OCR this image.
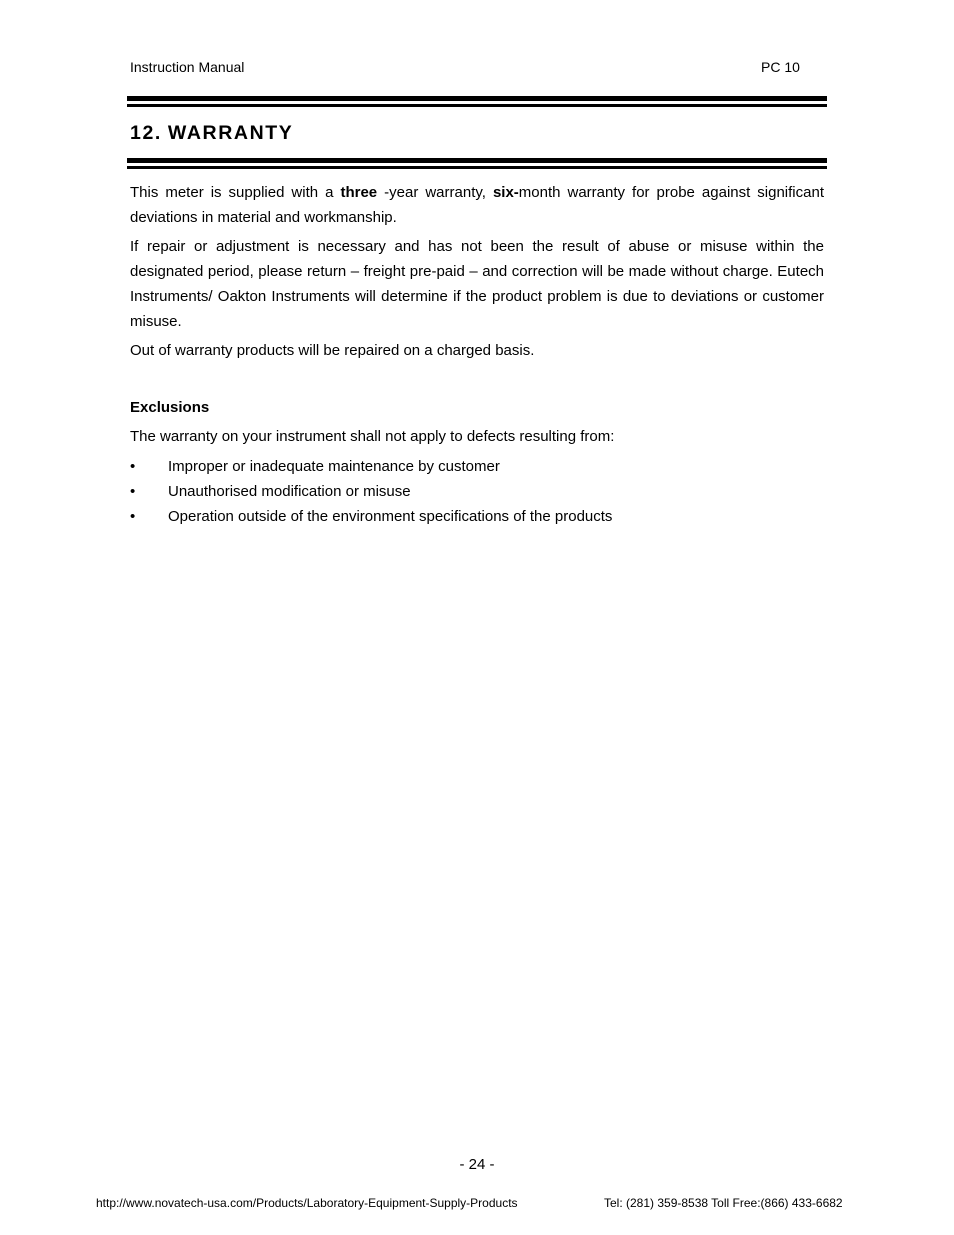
Instruction Manual	PC 10
12. WARRANTY

This meter is supplied with a three -year warranty, six-month warranty for probe against significant deviations in material and workmanship.

If repair or adjustment is necessary and has not been the result of abuse or misuse within the designated period, please return – freight pre-paid – and correction will be made without charge. Eutech Instruments/ Oakton Instruments will determine if the product problem is due to deviations or customer misuse.

Out of warranty products will be repaired on a charged basis.

Exclusions
The warranty on your instrument shall not apply to defects resulting from:
• Improper or inadequate maintenance by customer
• Unauthorised modification or misuse
• Operation outside of the environment specifications of the products
- 24 -
http://www.novatech-usa.com/Products/Laboratory-Equipment-Supply-Products	Tel: (281) 359-8538 Toll Free:(866) 433-6682
